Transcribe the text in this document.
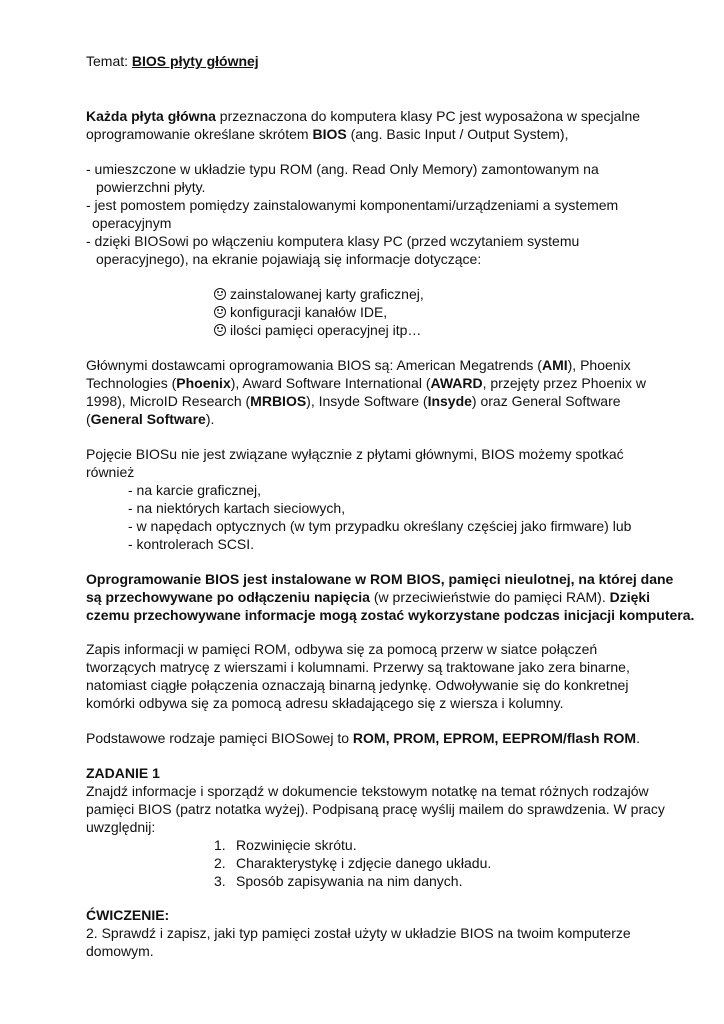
Temat: BIOS płyty głównej
Każda płyta główna przeznaczona do komputera klasy PC jest wyposażona w specjalne
oprogramowanie określane skrótem BIOS (ang. Basic Input / Output System),
- umieszczone w układzie typu ROM (ang. Read Only Memory) zamontowanym na
powierzchni płyty.
- jest pomostem pomiędzy zainstalowanymi komponentami/urządzeniami a systemem
operacyjnym
- dzięki BIOSowi po włączeniu komputera klasy PC (przed wczytaniem systemu
operacyjnego), na ekranie pojawiają się informacje dotyczące:
zainstalowanej karty graficznej,
konfiguracji kanałów IDE,
ilości pamięci operacyjnej itp…
Głównymi dostawcami oprogramowania BIOS są: American Megatrends (AMI), Phoenix
Technologies (Phoenix), Award Software International (AWARD, przejęty przez Phoenix w
1998), MicroID Research (MRBIOS), Insyde Software (Insyde) oraz General Software
(General Software).
Pojęcie BIOSu nie jest związane wyłącznie z płytami głównymi, BIOS możemy spotkać
również
- na karcie graficznej,
- na niektórych kartach sieciowych,
- w napędach optycznych (w tym przypadku określany częściej jako firmware) lub
- kontrolerach SCSI.
Oprogramowanie BIOS jest instalowane w ROM BIOS, pamięci nieulotnej, na której dane
są przechowywane po odłączeniu napięcia (w przeciwieństwie do pamięci RAM). Dzięki
czemu przechowywane informacje mogą zostać wykorzystane podczas inicjacji komputera.
Zapis informacji w pamięci ROM, odbywa się za pomocą przerw w siatce połączeń
tworzących matrycę z wierszami i kolumnami. Przerwy są traktowane jako zera binarne,
natomiast ciągłe połączenia oznaczają binarną jedynkę. Odwoływanie się do konkretnej
komórki odbywa się za pomocą adresu składającego się z wiersza i kolumny.
Podstawowe rodzaje pamięci BIOSowej to ROM, PROM, EPROM, EEPROM/flash ROM.
ZADANIE 1
Znajdź informacje i sporządź w dokumencie tekstowym notatkę na temat różnych rodzajów
pamięci BIOS (patrz notatka wyżej). Podpisaną pracę wyślij mailem do sprawdzenia. W pracy
uwzględnij:
1. Rozwinięcie skrótu.
2. Charakterystykę i zdjęcie danego układu.
3. Sposób zapisywania na nim danych.
ĆWICZENIE:
2. Sprawdź i zapisz, jaki typ pamięci został użyty w układzie BIOS na twoim komputerze
domowym.
